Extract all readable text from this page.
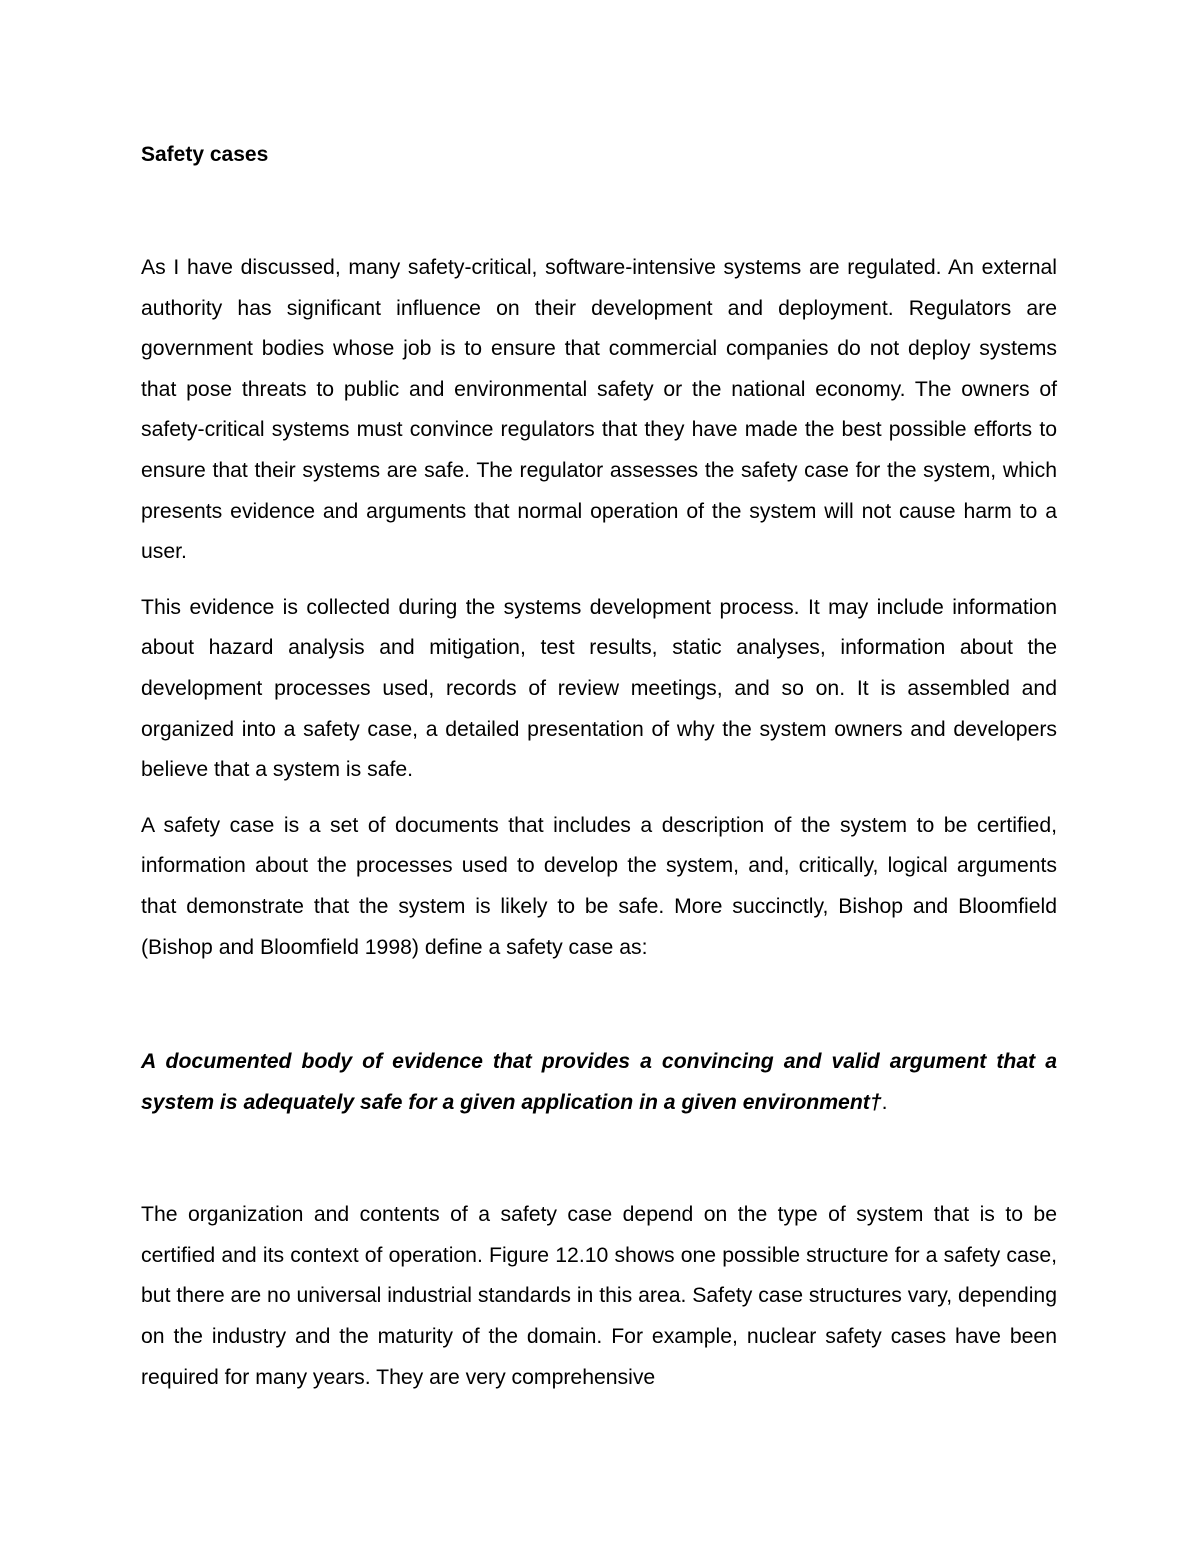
Safety cases

As I have discussed, many safety-critical, software-intensive systems are regulated. An external authority has significant influence on their development and deployment. Regulators are government bodies whose job is to ensure that commercial companies do not deploy systems that pose threats to public and environmental safety or the national economy. The owners of safety-critical systems must convince regulators that they have made the best possible efforts to ensure that their systems are safe. The regulator assesses the safety case for the system, which presents evidence and arguments that normal operation of the system will not cause harm to a user.

This evidence is collected during the systems development process. It may include information about hazard analysis and mitigation, test results, static analyses, information about the development processes used, records of review meetings, and so on. It is assembled and organized into a safety case, a detailed presentation of why the system owners and developers believe that a system is safe.

A safety case is a set of documents that includes a description of the system to be certified, information about the processes used to develop the system, and, critically, logical arguments that demonstrate that the system is likely to be safe. More succinctly, Bishop and Bloomfield (Bishop and Bloomfield 1998) define a safety case as:

A documented body of evidence that provides a convincing and valid argument that a system is adequately safe for a given application in a given environment†.

The organization and contents of a safety case depend on the type of system that is to be certified and its context of operation. Figure 12.10 shows one possible structure for a safety case, but there are no universal industrial standards in this area. Safety case structures vary, depending on the industry and the maturity of the domain. For example, nuclear safety cases have been required for many years. They are very comprehensive
